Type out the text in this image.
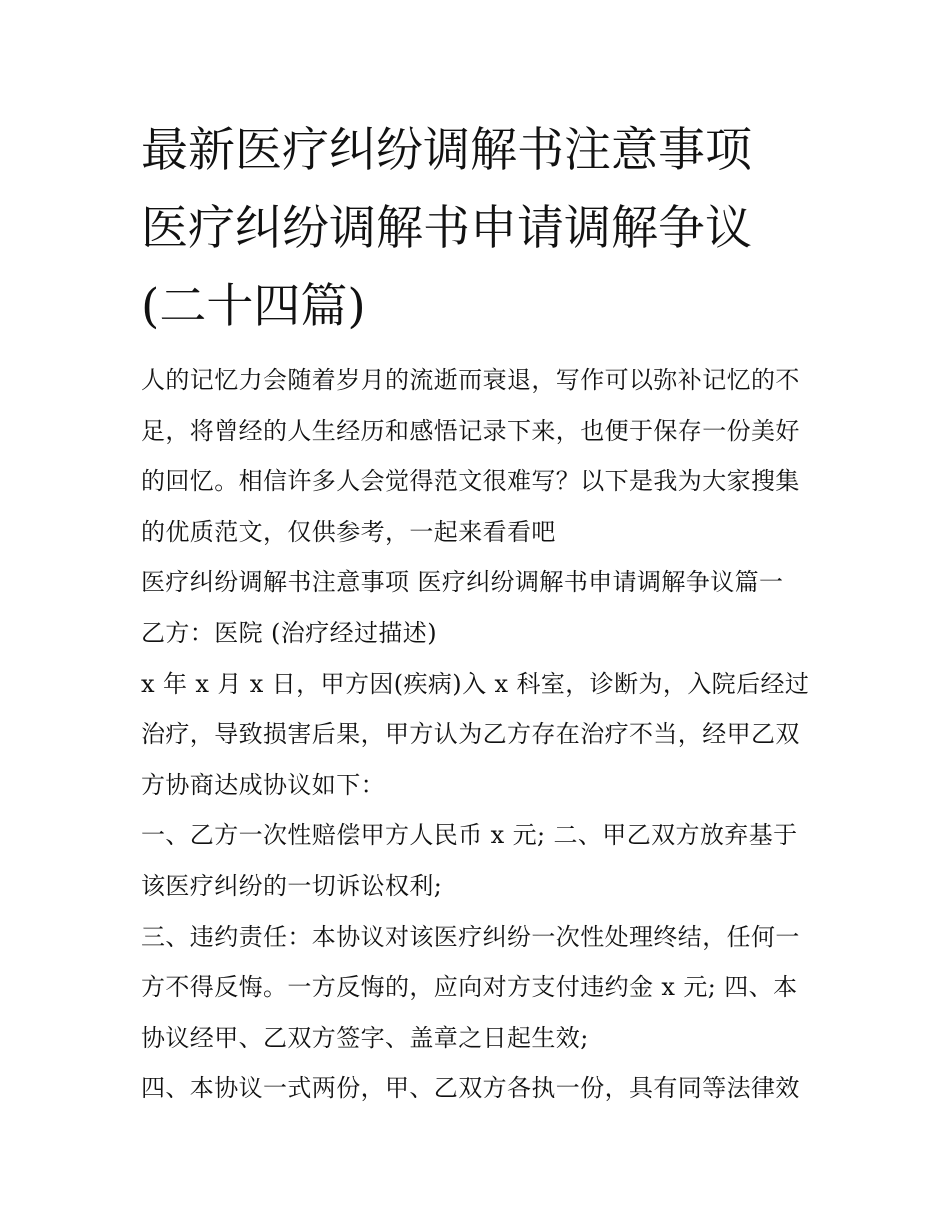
最新医疗纠纷调解书注意事项
医疗纠纷调解书申请调解争议
(二十四篇)
人的记忆力会随着岁月的流逝而衰退，写作可以弥补记忆的不
足，将曾经的人生经历和感悟记录下来，也便于保存一份美好
的回忆。相信许多人会觉得范文很难写？以下是我为大家搜集
的优质范文，仅供参考，一起来看看吧
医疗纠纷调解书注意事项 医疗纠纷调解书申请调解争议篇一
乙方：医院 (治疗经过描述)
x 年 x 月 x 日，甲方因(疾病)入 x 科室，诊断为，入院后经过
治疗，导致损害后果，甲方认为乙方存在治疗不当，经甲乙双
方协商达成协议如下：
一、乙方一次性赔偿甲方人民币 x 元; 二、甲乙双方放弃基于
该医疗纠纷的一切诉讼权利;
三、违约责任：本协议对该医疗纠纷一次性处理终结，任何一
方不得反悔。一方反悔的，应向对方支付违约金 x 元; 四、本
协议经甲、乙双方签字、盖章之日起生效;
四、本协议一式两份，甲、乙双方各执一份，具有同等法律效
